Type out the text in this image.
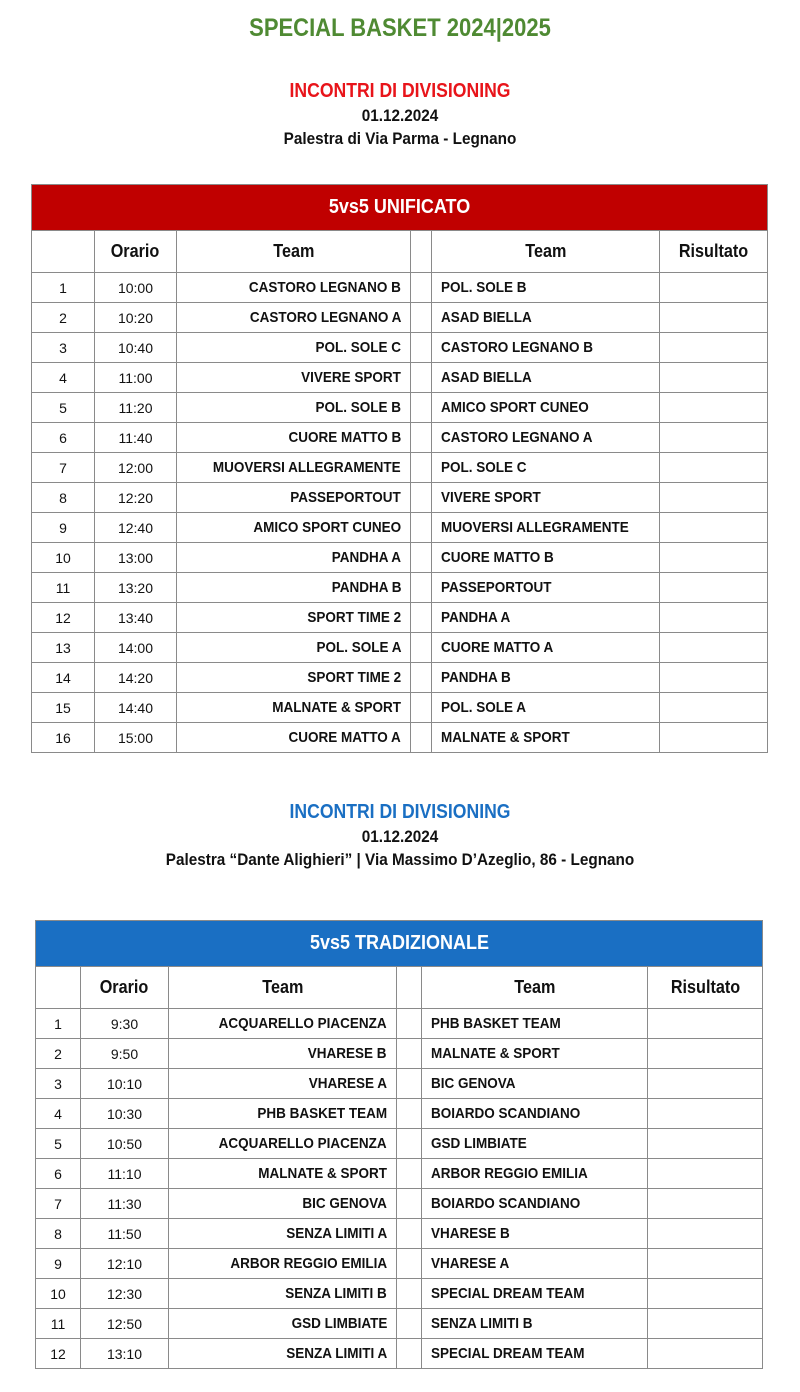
SPECIAL BASKET 2024|2025
INCONTRI DI DIVISIONING
01.12.2024
Palestra di Via Parma - Legnano
5vs5 UNIFICATO					
	Orario	Team		Team	Risultato
1	10:00	CASTORO LEGNANO B		POL. SOLE B	
2	10:20	CASTORO LEGNANO A		ASAD BIELLA	
3	10:40	POL. SOLE C		CASTORO LEGNANO B	
4	11:00	VIVERE SPORT		ASAD BIELLA	
5	11:20	POL. SOLE B		AMICO SPORT CUNEO	
6	11:40	CUORE MATTO B		CASTORO LEGNANO A	
7	12:00	MUOVERSI ALLEGRAMENTE		POL. SOLE C	
8	12:20	PASSEPORTOUT		VIVERE SPORT	
9	12:40	AMICO SPORT CUNEO		MUOVERSI ALLEGRAMENTE	
10	13:00	PANDHA A		CUORE MATTO B	
11	13:20	PANDHA B		PASSEPORTOUT	
12	13:40	SPORT TIME 2		PANDHA A	
13	14:00	POL. SOLE A		CUORE MATTO A	
14	14:20	SPORT TIME 2		PANDHA B	
15	14:40	MALNATE & SPORT		POL. SOLE A	
16	15:00	CUORE MATTO A		MALNATE & SPORT	
INCONTRI DI DIVISIONING
01.12.2024
Palestra “Dante Alighieri” | Via Massimo D’Azeglio, 86 - Legnano
5vs5 TRADIZIONALE					
	Orario	Team		Team	Risultato
1	9:30	ACQUARELLO PIACENZA		PHB BASKET TEAM	
2	9:50	VHARESE B		MALNATE & SPORT	
3	10:10	VHARESE A		BIC GENOVA	
4	10:30	PHB BASKET TEAM		BOIARDO SCANDIANO	
5	10:50	ACQUARELLO PIACENZA		GSD LIMBIATE	
6	11:10	MALNATE & SPORT		ARBOR REGGIO EMILIA	
7	11:30	BIC GENOVA		BOIARDO SCANDIANO	
8	11:50	SENZA LIMITI A		VHARESE B	
9	12:10	ARBOR REGGIO EMILIA		VHARESE A	
10	12:30	SENZA LIMITI B		SPECIAL DREAM TEAM	
11	12:50	GSD LIMBIATE		SENZA LIMITI B	
12	13:10	SENZA LIMITI A		SPECIAL DREAM TEAM	
